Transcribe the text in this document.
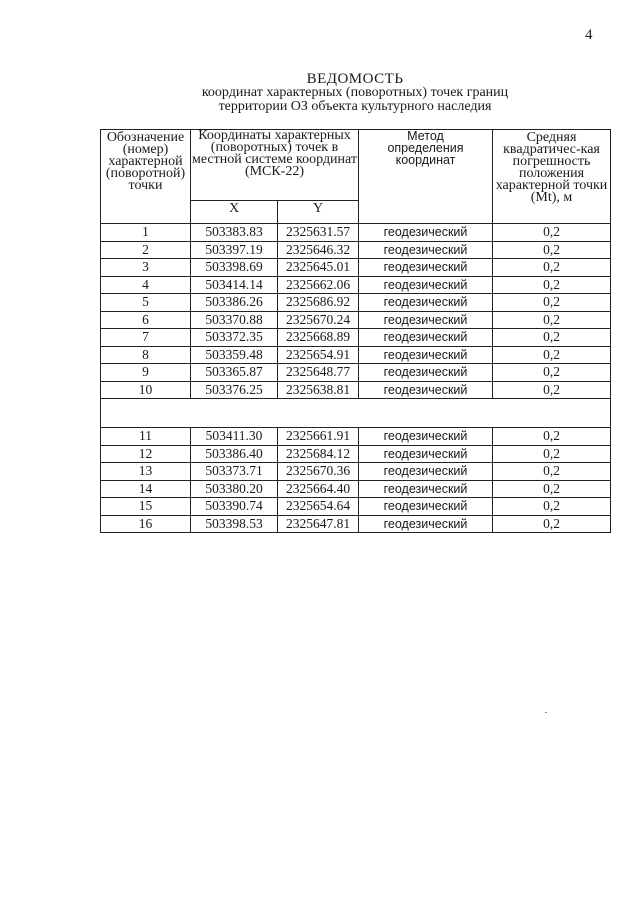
4
ВЕДОМОСТЬ
координат характерных (поворотных) точек границ
территории ОЗ объекта культурного наследия
Обозначение (номер) характерной (поворотной) точки	Координаты характерных (поворотных) точек в местной системе координат (МСК-22)		Метод определения координат	Средняя квадратичес-кая погрешность положения характерной точки (Mt), м
	X	Y		
1	503383.83	2325631.57	геодезический	0,2
2	503397.19	2325646.32	геодезический	0,2
3	503398.69	2325645.01	геодезический	0,2
4	503414.14	2325662.06	геодезический	0,2
5	503386.26	2325686.92	геодезический	0,2
6	503370.88	2325670.24	геодезический	0,2
7	503372.35	2325668.89	геодезический	0,2
8	503359.48	2325654.91	геодезический	0,2
9	503365.87	2325648.77	геодезический	0,2
10	503376.25	2325638.81	геодезический	0,2

11	503411.30	2325661.91	геодезический	0,2
12	503386.40	2325684.12	геодезический	0,2
13	503373.71	2325670.36	геодезический	0,2
14	503380.20	2325664.40	геодезический	0,2
15	503390.74	2325654.64	геодезический	0,2
16	503398.53	2325647.81	геодезический	0,2
